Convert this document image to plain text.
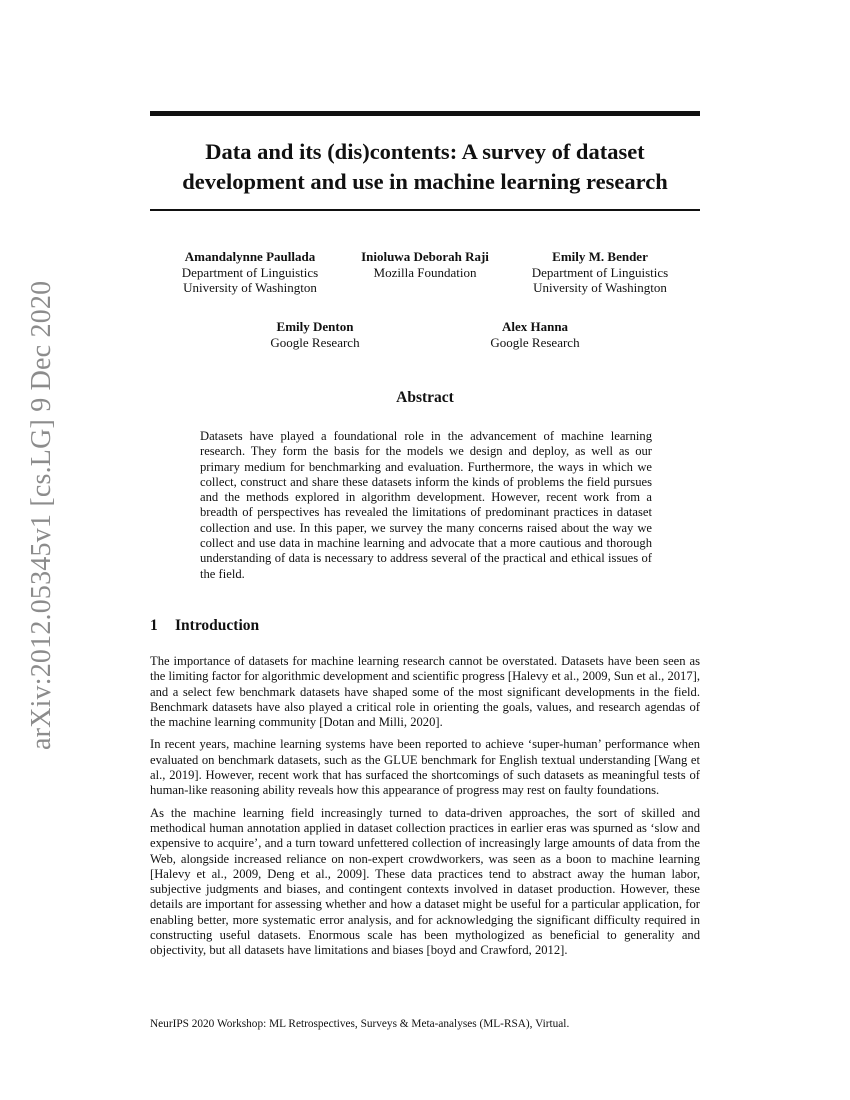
arXiv:2012.05345v1 [cs.LG] 9 Dec 2020
Data and its (dis)contents: A survey of dataset
development and use in machine learning research
Amandalynne Paullada
Department of Linguistics
University of Washington
Inioluwa Deborah Raji
Mozilla Foundation
Emily M. Bender
Department of Linguistics
University of Washington
Emily Denton
Google Research
Alex Hanna
Google Research
Abstract
Datasets have played a foundational role in the advancement of machine learning research. They form the basis for the models we design and deploy, as well as our primary medium for benchmarking and evaluation. Furthermore, the ways in which we collect, construct and share these datasets inform the kinds of problems the field pursues and the methods explored in algorithm development. However, recent work from a breadth of perspectives has revealed the limitations of predominant practices in dataset collection and use. In this paper, we survey the many concerns raised about the way we collect and use data in machine learning and advocate that a more cautious and thorough understanding of data is necessary to address several of the practical and ethical issues of the field.
1 Introduction

The importance of datasets for machine learning research cannot be overstated. Datasets have been seen as the limiting factor for algorithmic development and scientific progress [Halevy et al., 2009, Sun et al., 2017], and a select few benchmark datasets have shaped some of the most significant developments in the field. Benchmark datasets have also played a critical role in orienting the goals, values, and research agendas of the machine learning community [Dotan and Milli, 2020].

In recent years, machine learning systems have been reported to achieve ‘super-human’ performance when evaluated on benchmark datasets, such as the GLUE benchmark for English textual understanding [Wang et al., 2019]. However, recent work that has surfaced the shortcomings of such datasets as meaningful tests of human-like reasoning ability reveals how this appearance of progress may rest on faulty foundations.

As the machine learning field increasingly turned to data-driven approaches, the sort of skilled and methodical human annotation applied in dataset collection practices in earlier eras was spurned as ‘slow and expensive to acquire’, and a turn toward unfettered collection of increasingly large amounts of data from the Web, alongside increased reliance on non-expert crowdworkers, was seen as a boon to machine learning [Halevy et al., 2009, Deng et al., 2009]. These data practices tend to abstract away the human labor, subjective judgments and biases, and contingent contexts involved in dataset production. However, these details are important for assessing whether and how a dataset might be useful for a particular application, for enabling better, more systematic error analysis, and for acknowledging the significant difficulty required in constructing useful datasets. Enormous scale has been mythologized as beneficial to generality and objectivity, but all datasets have limitations and biases [boyd and Crawford, 2012].

NeurIPS 2020 Workshop: ML Retrospectives, Surveys & Meta-analyses (ML-RSA), Virtual.
